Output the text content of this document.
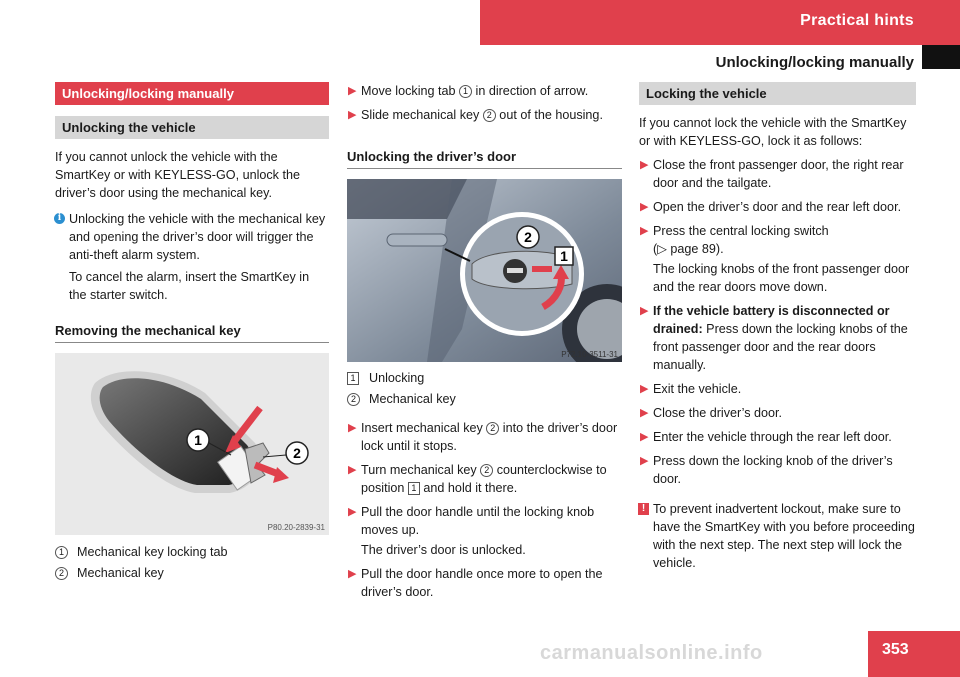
Practical hints
Unlocking/locking manually
Unlocking/locking manually
Unlocking the vehicle

If you cannot unlock the vehicle with the SmartKey or with KEYLESS-GO, unlock the driver’s door using the mechanical key.

i Unlocking the vehicle with the mechanical key and opening the driver’s door will trigger the anti-theft alarm system.

To cancel the alarm, insert the SmartKey in the starter switch.

Removing the mechanical key
1
2
P80.20-2839-31
1	Mechanical key locking tab
2	Mechanical key
▶ Move locking tab 1 in direction of arrow.
▶ Slide mechanical key 2 out of the housing.
Unlocking the driver’s door
2
1
P72.10-3511-31
1	Unlocking
2	Mechanical key
▶ Insert mechanical key 2 into the driver’s door lock until it stops.
▶ Turn mechanical key 2 counterclockwise to position 1 and hold it there.
▶ Pull the door handle until the locking knob moves up.

The driver’s door is unlocked.

▶ Pull the door handle once more to open the driver’s door.
Locking the vehicle

If you cannot lock the vehicle with the SmartKey or with KEYLESS-GO, lock it as follows:

▶ Close the front passenger door, the right rear door and the tailgate.
▶ Open the driver’s door and the rear left door.
▶ Press the central locking switch
(▷ page 89).

The locking knobs of the front passenger door and the rear doors move down.

▶ If the vehicle battery is disconnected or drained: Press down the locking knobs of the front passenger door and the rear doors manually.
▶ Exit the vehicle.
▶ Close the driver’s door.
▶ Enter the vehicle through the rear left door.
▶ Press down the locking knob of the driver’s door.
! To prevent inadvertent lockout, make sure to have the SmartKey with you before proceeding with the next step. The next step will lock the vehicle.

353
carmanualsonline.info
